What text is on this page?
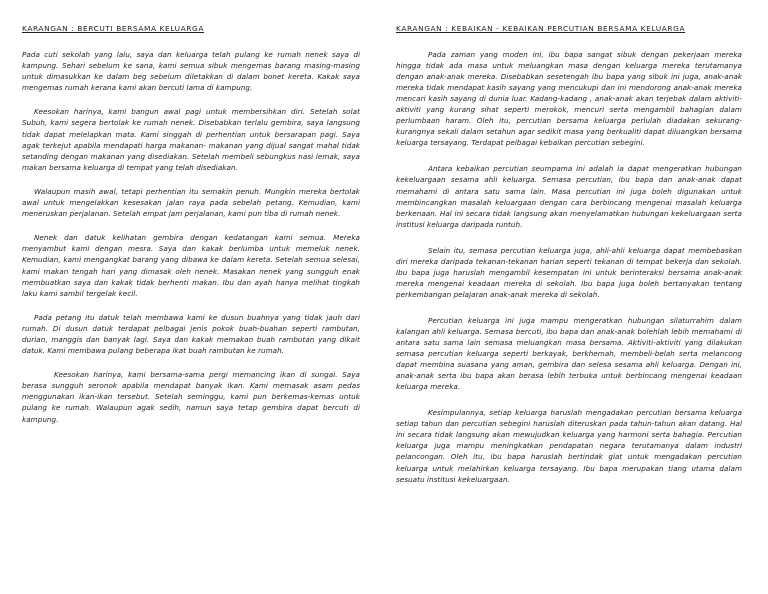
KARANGAN : BERCUTI BERSAMA KELUARGA

Pada cuti sekolah yang lalu, saya dan keluarga telah pulang ke rumah nenek saya di kampung. Sehari sebelum ke sana, kami semua sibuk mengemas barang masing-masing untuk dimasukkan ke dalam beg sebelum diletakkan di dalam bonet kereta. Kakak saya mengemas rumah kerana kami akan bercuti lama di kampung.

Keesokan harinya, kami bangun awal pagi untuk membersihkan diri. Setelah solat Subuh, kami segera bertolak ke rumah nenek. Disebabkan terlalu gembira, saya langsung tidak dapat melelapkan mata. Kami singgah di perhentian untuk bersarapan pagi. Saya agak terkejut apabila mendapati harga makanan- makanan yang dijual sangat mahal tidak setanding dengan makanan yang disediakan. Setelah membeli sebungkus nasi lemak, saya makan bersama keluarga di tempat yang telah disediakan.

Walaupun masih awal, tetapi perhentian itu semakin penuh. Mungkin mereka bertolak awal untuk mengelakkan kesesakan jalan raya pada sebelah petang. Kemudian, kami meneruskan perjalanan. Setelah empat jam perjalanan, kami pun tiba di rumah nenek.

Nenek dan datuk kelihatan gembira dengan kedatangan kami semua. Mereka menyambut kami dengan mesra. Saya dan kakak berlumba untuk memeluk nenek. Kemudian, kami mengangkat barang yang dibawa ke dalam kereta. Setelah semua selesai, kami makan tengah hari yang dimasak oleh nenek. Masakan nenek yang sungguh enak membuatkan saya dan kakak tidak berhenti makan. Ibu dan ayah hanya melihat tingkah laku kami sambil tergelak kecil.

Pada petang itu datuk telah membawa kami ke dusun buahnya yang tidak jauh dari rumah. Di dusun datuk terdapat pelbagai jenis pokok buah-buahan seperti rambutan, durian, manggis dan banyak lagi. Saya dan kakak memakan buah rambutan yang dikait datuk. Kami membawa pulang beberapa ikat buah rambutan ke rumah.

Keesokan harinya, kami bersama-sama pergi memancing ikan di sungai. Saya berasa sungguh seronok apabila mendapat banyak ikan. Kami memasak asam pedas menggunakan ikan-ikan tersebut. Setelah seminggu, kami pun berkemas-kemas untuk pulang ke rumah. Walaupun agak sedih, namun saya tetap gembira dapat bercuti di kampung.

KARANGAN : KEBAIKAN - KEBAIKAN PERCUTIAN BERSAMA KELUARGA

Pada zaman yang moden ini, ibu bapa sangat sibuk dengan pekerjaan mereka hingga tidak ada masa untuk meluangkan masa dengan keluarga mereka terutamanya dengan anak-anak mereka. Disebabkan sesetengah ibu bapa yang sibuk ini juga, anak-anak mereka tidak mendapat kasih sayang yang mencukupi dan ini mendorong anak-anak mereka mencari kasih sayang di dunia luar. Kadang-kadang , anak-anak akan terjebak dalam aktiviti-aktiviti yang kurang sihat seperti merokok, mencuri serta mengambil bahagian dalam perlumbaan haram. Oleh itu, percutian bersama keluarga perlulah diadakan sekurang-kurangnya sekali dalam setahun agar sedikit masa yang berkualiti dapat diluangkan bersama keluarga tersayang. Terdapat pelbagai kebaikan percutian sebegini.

Antara kebaikan percutian seumpama ini adalah ia dapat mengeratkan hubungan kekeluargaan sesama ahli keluarga. Semasa percutian, ibu bapa dan anak-anak dapat memahami di antara satu sama lain. Masa percutian ini juga boleh digunakan untuk membincangkan masalah keluargaan dengan cara berbincang mengenai masalah keluarga berkenaan. Hal ini secara tidak langsung akan menyelamatkan hubungan kekeluargaan serta institusi keluarga daripada runtuh.

Selain itu, semasa percutian keluarga juga, ahli-ahli keluarga dapat membebaskan diri mereka daripada tekanan-tekanan harian seperti tekanan di tempat bekerja dan sekolah. Ibu bapa juga haruslah mengambil kesempatan ini untuk berinteraksi bersama anak-anak mereka mengenai keadaan mereka di sekolah. Ibu bapa juga boleh bertanyakan tentang perkembangan pelajaran anak-anak mereka di sekolah.

Percutian keluarga ini juga mampu mengeratkan hubungan silaturrahim dalam kalangan ahli keluarga. Semasa bercuti, ibu bapa dan anak-anak bolehlah lebih memahami di antara satu sama lain semasa meluangkan masa bersama. Aktiviti-aktiviti yang dilakukan semasa percutian keluarga seperti berkayak, berkhemah, membeli-belah serta melancong dapat membina suasana yang aman, gembira dan selesa sesama ahli keluarga. Dengan ini, anak-anak serta ibu bapa akan berasa lebih terbuka untuk berbincang mengenai keadaan keluarga mereka.

Kesimpulannya, setiap keluarga haruslah mengadakan percutian bersama keluarga setiap tahun dan percutian sebegini haruslah diteruskan pada tahun-tahun akan datang. Hal ini secara tidak langsung akan mewujudkan keluarga yang harmoni serta bahagia. Percutian keluarga juga mampu meningkatkan pendapatan negara terutamanya dalam industri pelancongan. Oleh itu, ibu bapa haruslah bertindak giat untuk mengadakan percutian keluarga untuk melahirkan keluarga tersayang. Ibu bapa merupakan tiang utama dalam sesuatu institusi kekeluargaan.
